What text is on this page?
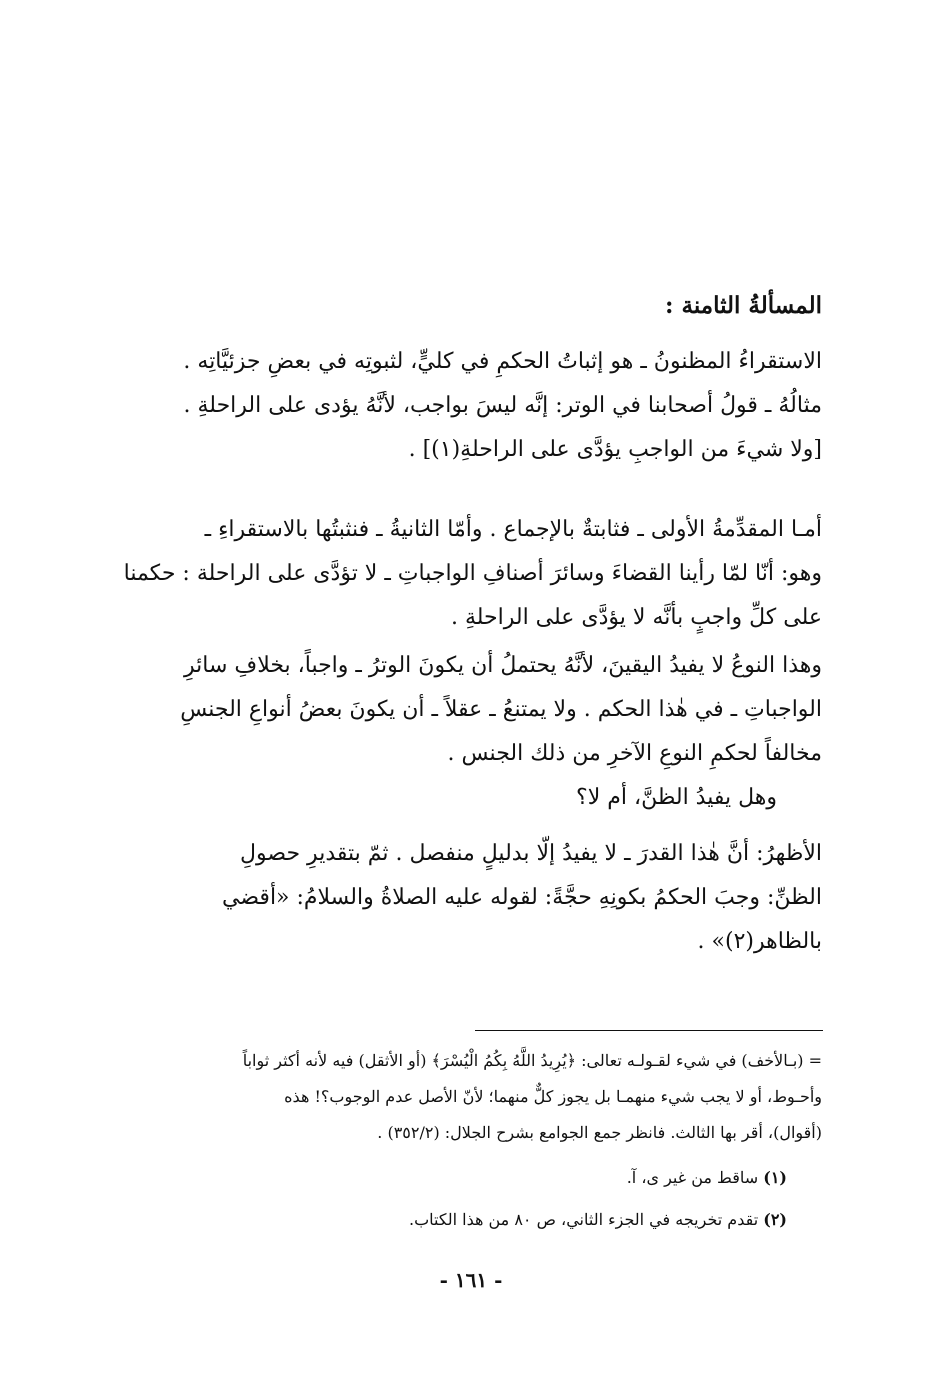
المسألةُ الثامنة :
الاستقراءُ المظنونُ ـ هو إثباتُ الحكمِ في كليٍّ، لثبوتِه في بعضِ جزئيَّاتِه .
مثالُهُ ـ قولُ أصحابنا في الوتر: إنَّه ليسَ بواجب، لأنَّهُ يؤدى على الراحلةِ .
[ولا شيءَ من الواجبِ يؤدَّى على الراحلةِ(١)] .
أمـا المقدِّمةُ الأولى ـ فثابتةٌ بالإجماع . وأمّا الثانيةُ ـ فنثبتُها بالاستقراءِ ـ
وهو: أنّا لمّا رأينا القضاءَ وسائرَ أصنافِ الواجباتِ ـ لا تؤدَّى على الراحلة : حكمنا
على كلِّ واجبٍ بأنَّه لا يؤدَّى على الراحلةِ .
وهذا النوعُ لا يفيدُ اليقينَ، لأنَّهُ يحتملُ أن يكونَ الوترُ ـ واجباً، بخلافِ سائرِ
الواجباتِ ـ في هٰذا الحكم . ولا يمتنعُ ـ عقلاً ـ أن يكونَ بعضُ أنواعِ الجنسِ
مخالفاً لحكمِ النوعِ الآخرِ من ذلك الجنس .
وهل يفيدُ الظنَّ، أم لا؟
الأظهرُ: أنَّ هٰذا القدرَ ـ لا يفيدُ إلّا بدليلٍ منفصل . ثمّ بتقديرِ حصولِ
الظنِّ: وجبَ الحكمُ بكونِهِ حجَّةً: لقوله عليه الصلاةُ والسلامُ: «أقضي
بالظاهر(٢)» .
= (بـالأخف) في شيء لقـولـه تعالى: ﴿يُرِيدُ اللَّهُ بِكُمُ الْيُسْرَ﴾ (أو الأثقل) فيه لأنه أكثر ثواباً
وأحـوط، أو لا يجب شيء منهمـا بل يجوز كلٌّ منهما؛ لأنّ الأصل عدم الوجوب؟! هذه
(أقوال)، أقر بها الثالث. فانظر جمع الجوامع بشرح الجلال: (٣٥٢/٢) .
(١) ساقط من غير ى، آ.
(٢) تقدم تخريجه في الجزء الثاني، ص ٨٠ من هذا الكتاب.
- ١٦١ -
